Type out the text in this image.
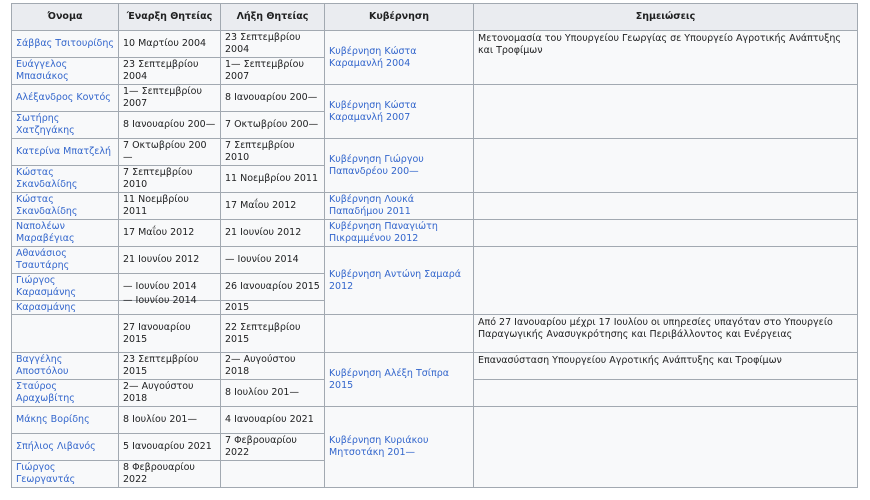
Όνομα	Έναρξη Θητείας	Λήξη Θητείας	Κυβέρνηση	Σημειώσεις

Σάββας Τσιτουρίδης	10 Μαρτίου 2004	23 Σεπτεμβρίου 2004	Κυβέρνηση Κώστα Καραμανλή 2004	Μετονομασία του Υπουργείου Γεωργίας σε Υπουργείο Αγροτικής Ανάπτυξης και Τροφίμων

Ευάγγελος Μπασιάκος	23 Σεπτεμβρίου 2004	1— Σεπτεμβρίου 2007		

Αλέξανδρος Κοντός	1— Σεπτεμβρίου 2007	8 Ιανουαρίου 200—	Κυβέρνηση Κώστα Καραμανλή 2007	

Σωτήρης Χατζηγάκης	8 Ιανουαρίου 200—	7 Οκτωβρίου 200—		

Κατερίνα Μπατζελή	7 Οκτωβρίου 200—	7 Σεπτεμβρίου 2010	Κυβέρνηση Γιώργου Παπανδρέου 200—	

Κώστας Σκανδαλίδης	7 Σεπτεμβρίου 2010	11 Νοεμβρίου 2011		

Κώστας Σκανδαλίδης	11 Νοεμβρίου 2011	17 Μαΐου 2012	Κυβέρνηση Λουκά Παπαδήμου 2011	

Ναπολέων Μαραβέγιας	17 Μαΐου 2012	21 Ιουνίου 2012	Κυβέρνηση Παναγιώτη Πικραμμένου 2012	

Αθανάσιος Τσαυτάρης	21 Ιουνίου 2012	— Ιουνίου 2014	Κυβέρνηση Αντώνη Σαμαρά 2012	

Γιώργος Καρασμάνης	— Ιουνίου 2014	26 Ιανουαρίου 2015		

Καρασμάνης	— Ιουνίου 2014	2015		
	27 Ιανουαρίου 2015	22 Σεπτεμβρίου 2015		Από 27 Ιανουαρίου μέχρι 17 Ιουλίου οι υπηρεσίες υπαγόταν στο Υπουργείο Παραγωγικής Ανασυγκρότησης και Περιβάλλοντος και Ενέργειας

Βαγγέλης Αποστόλου	23 Σεπτεμβρίου 2015	2— Αυγούστου 2018	Κυβέρνηση Αλέξη Τσίπρα 2015	Επανασύσταση Υπουργείου Αγροτικής Ανάπτυξης και Τροφίμων

Σταύρος Αραχωβίτης	2— Αυγούστου 2018	8 Ιουλίου 201—		

Μάκης Βορίδης	8 Ιουλίου 201—	4 Ιανουαρίου 2021	Κυβέρνηση Κυριάκου Μητσοτάκη 201—	

Σπήλιος Λιβανός	5 Ιανουαρίου 2021	7 Φεβρουαρίου 2022		

Γιώργος Γεωργαντάς	8 Φεβρουαρίου 2022			
